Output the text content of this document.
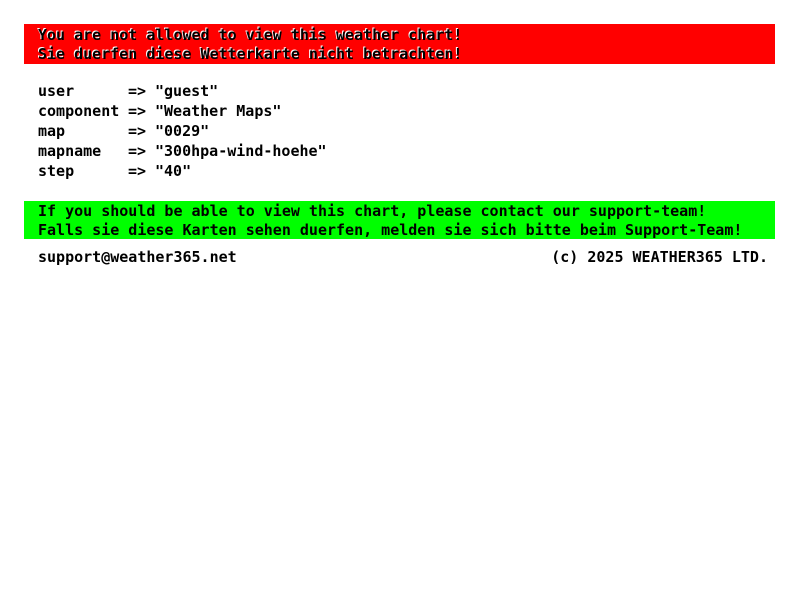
You are not allowed to view this weather chart!
Sie duerfen diese Wetterkarte nicht betrachten!
user	=> "guest"
component => "Weather Maps"
map	=> "0029"
mapname	=> "300hpa-wind-hoehe"
step	=> "40"
If you should be able to view this chart, please contact our support-team!
Falls sie diese Karten sehen duerfen, melden sie sich bitte beim Support-Team!
support@weather365.net	(c) 2025 WEATHER365 LTD.
